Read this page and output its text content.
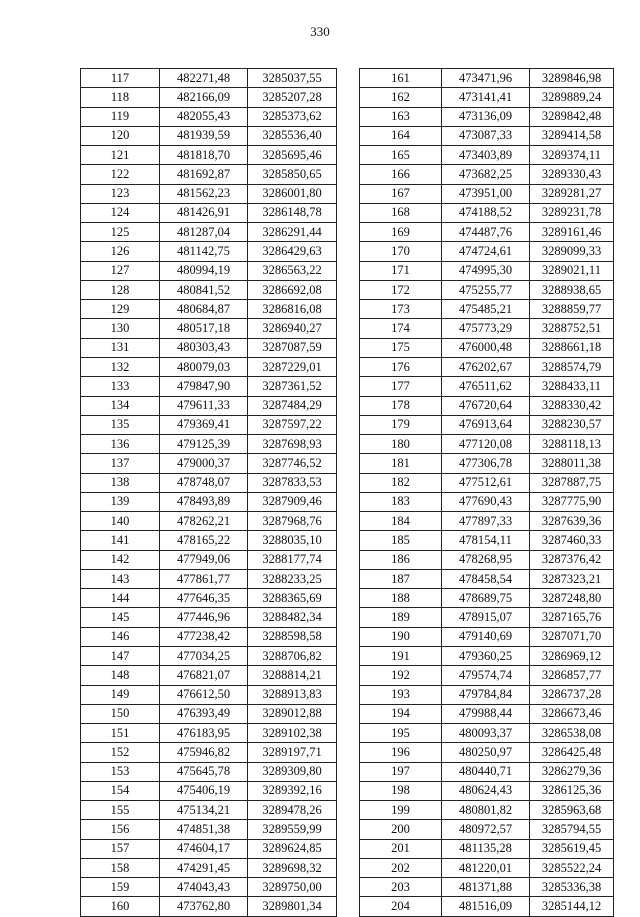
330
117	482271,48	3285037,55
118	482166,09	3285207,28
119	482055,43	3285373,62
120	481939,59	3285536,40
121	481818,70	3285695,46
122	481692,87	3285850,65
123	481562,23	3286001,80
124	481426,91	3286148,78
125	481287,04	3286291,44
126	481142,75	3286429,63
127	480994,19	3286563,22
128	480841,52	3286692,08
129	480684,87	3286816,08
130	480517,18	3286940,27
131	480303,43	3287087,59
132	480079,03	3287229,01
133	479847,90	3287361,52
134	479611,33	3287484,29
135	479369,41	3287597,22
136	479125,39	3287698,93
137	479000,37	3287746,52
138	478748,07	3287833,53
139	478493,89	3287909,46
140	478262,21	3287968,76
141	478165,22	3288035,10
142	477949,06	3288177,74
143	477861,77	3288233,25
144	477646,35	3288365,69
145	477446,96	3288482,34
146	477238,42	3288598,58
147	477034,25	3288706,82
148	476821,07	3288814,21
149	476612,50	3288913,83
150	476393,49	3289012,88
151	476183,95	3289102,38
152	475946,82	3289197,71
153	475645,78	3289309,80
154	475406,19	3289392,16
155	475134,21	3289478,26
156	474851,38	3289559,99
157	474604,17	3289624,85
158	474291,45	3289698,32
159	474043,43	3289750,00
160	473762,80	3289801,34
161	473471,96	3289846,98
162	473141,41	3289889,24
163	473136,09	3289842,48
164	473087,33	3289414,58
165	473403,89	3289374,11
166	473682,25	3289330,43
167	473951,00	3289281,27
168	474188,52	3289231,78
169	474487,76	3289161,46
170	474724,61	3289099,33
171	474995,30	3289021,11
172	475255,77	3288938,65
173	475485,21	3288859,77
174	475773,29	3288752,51
175	476000,48	3288661,18
176	476202,67	3288574,79
177	476511,62	3288433,11
178	476720,64	3288330,42
179	476913,64	3288230,57
180	477120,08	3288118,13
181	477306,78	3288011,38
182	477512,61	3287887,75
183	477690,43	3287775,90
184	477897,33	3287639,36
185	478154,11	3287460,33
186	478268,95	3287376,42
187	478458,54	3287323,21
188	478689,75	3287248,80
189	478915,07	3287165,76
190	479140,69	3287071,70
191	479360,25	3286969,12
192	479574,74	3286857,77
193	479784,84	3286737,28
194	479988,44	3286673,46
195	480093,37	3286538,08
196	480250,97	3286425,48
197	480440,71	3286279,36
198	480624,43	3286125,36
199	480801,82	3285963,68
200	480972,57	3285794,55
201	481135,28	3285619,45
202	481220,01	3285522,24
203	481371,88	3285336,38
204	481516,09	3285144,12
